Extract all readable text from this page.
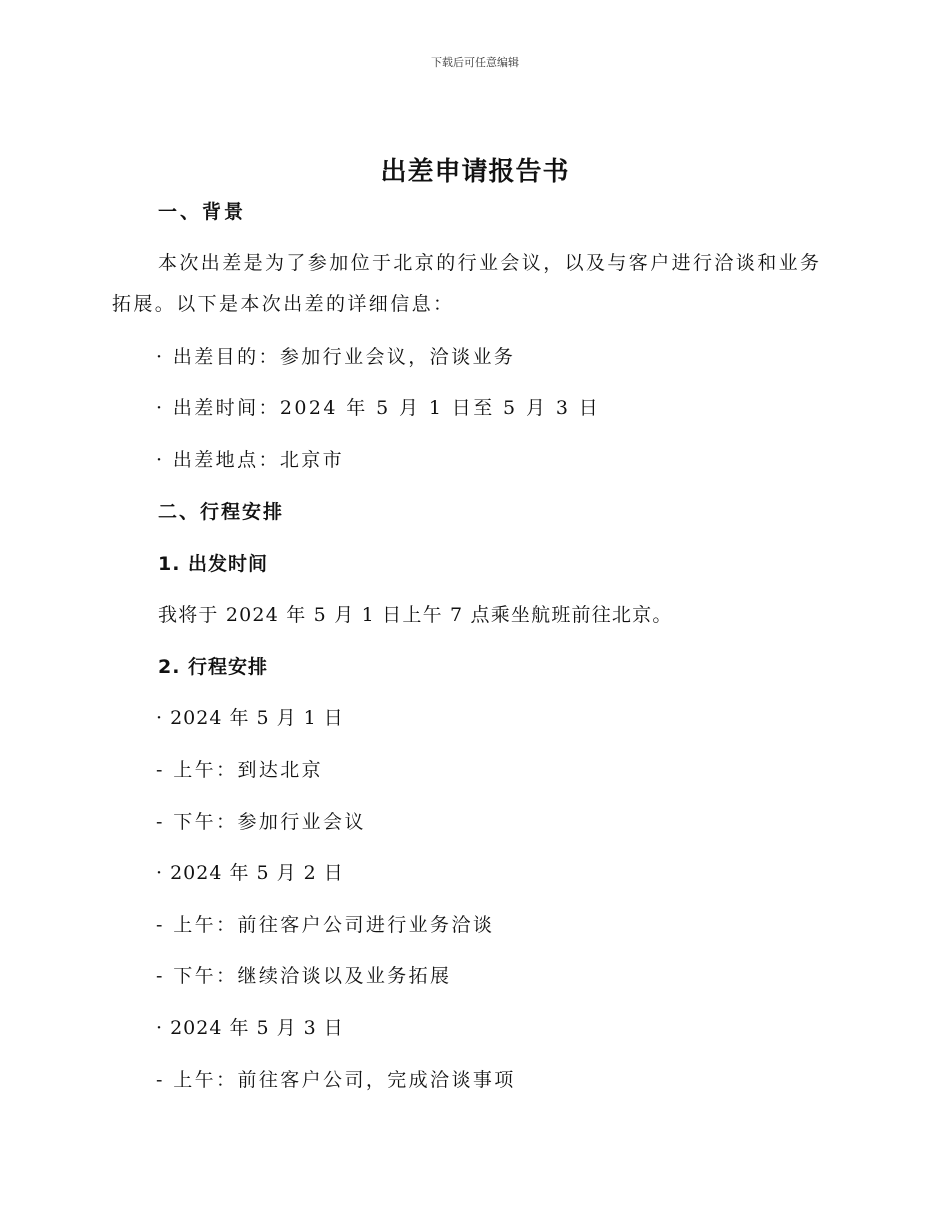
下载后可任意编辑
出差申请报告书
一、背景
本次出差是为了参加位于北京的行业会议，以及与客户进行洽谈和业务
拓展。以下是本次出差的详细信息：
· 出差目的：参加行业会议，洽谈业务
· 出差时间：2024 年 5 月 1 日至 5 月 3 日
· 出差地点：北京市
二、行程安排
1. 出发时间
我将于 2024 年 5 月 1 日上午 7 点乘坐航班前往北京。
2. 行程安排
· 2024 年 5 月 1 日
- 上午：到达北京
- 下午：参加行业会议
· 2024 年 5 月 2 日
- 上午：前往客户公司进行业务洽谈
- 下午：继续洽谈以及业务拓展
· 2024 年 5 月 3 日
- 上午：前往客户公司，完成洽谈事项
